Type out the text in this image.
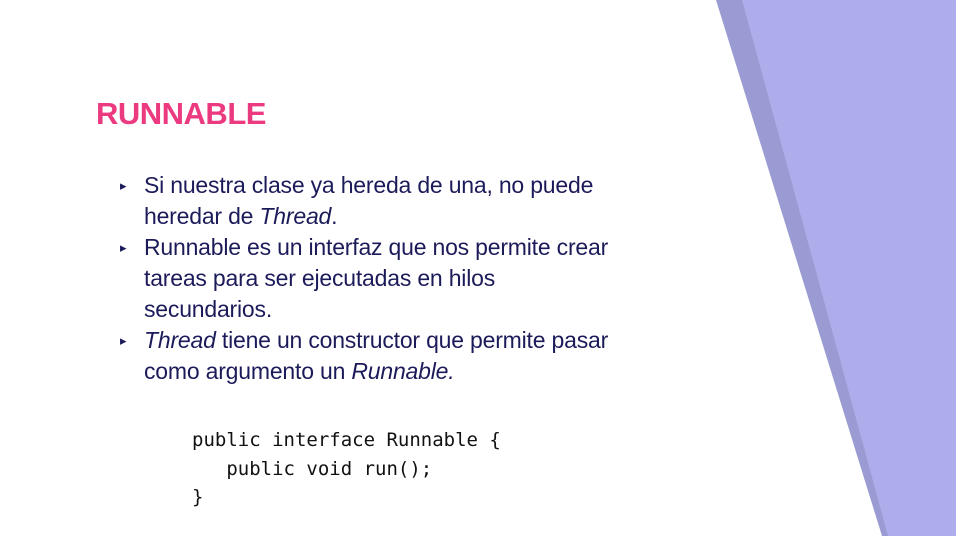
RUNNABLE
▸ Si nuestra clase ya hereda de una, no puede heredar de Thread.
▸ Runnable es un interfaz que nos permite crear tareas para ser ejecutadas en hilos secundarios.
▸ Thread tiene un constructor que permite pasar como argumento un Runnable.
public interface Runnable {
public void run();
}
